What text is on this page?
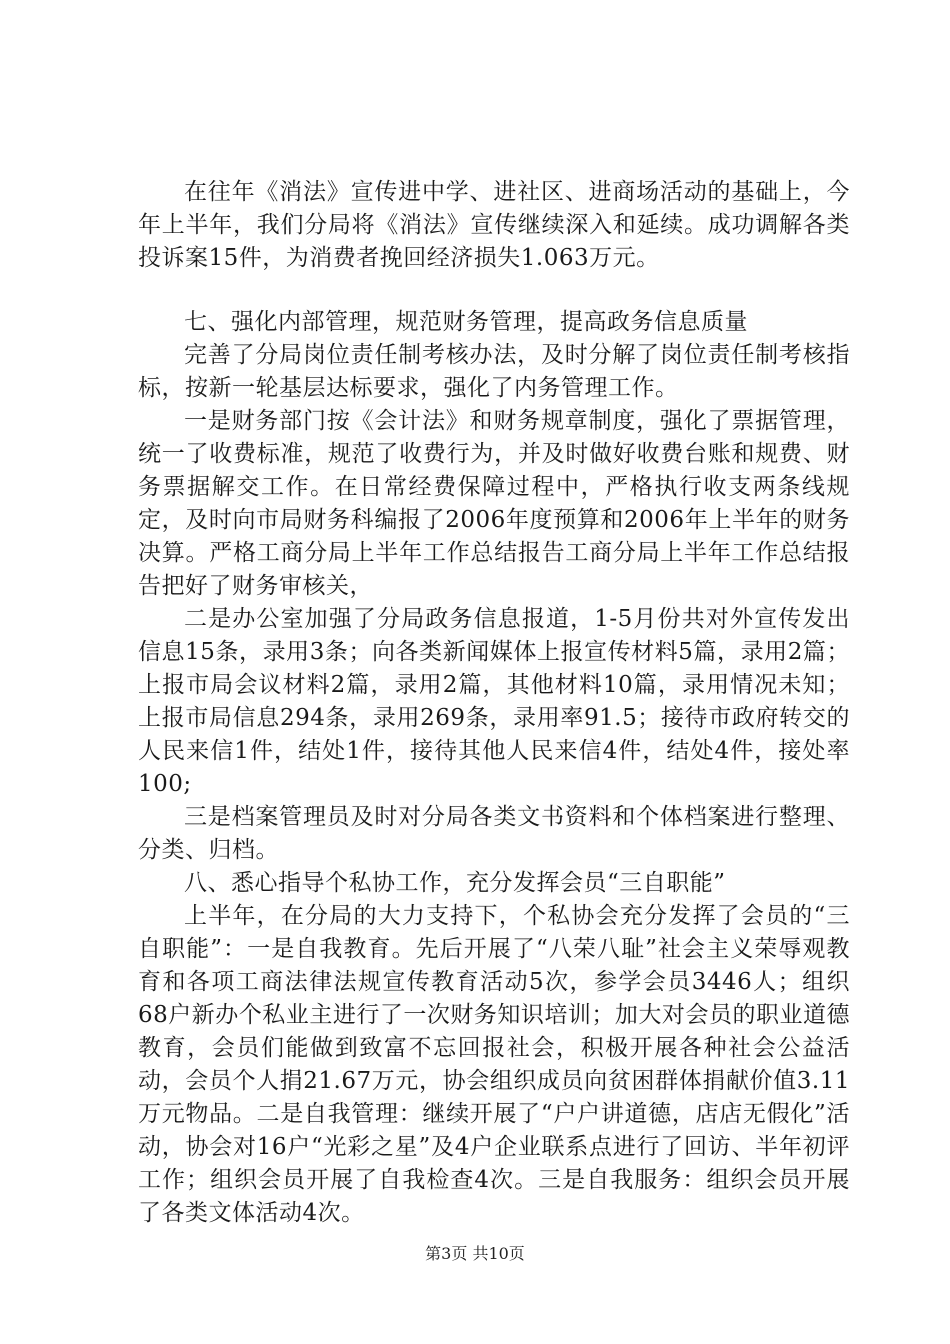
在往年《消法》宣传进中学、进社区、进商场活动的基础上，今年上半年，我们分局将《消法》宣传继续深入和延续。成功调解各类投诉案15件，为消费者挽回经济损失1.063万元。

七、强化内部管理，规范财务管理，提高政务信息质量

完善了分局岗位责任制考核办法，及时分解了岗位责任制考核指标，按新一轮基层达标要求，强化了内务管理工作。

一是财务部门按《会计法》和财务规章制度，强化了票据管理，统一了收费标准，规范了收费行为，并及时做好收费台账和规费、财务票据解交工作。在日常经费保障过程中，严格执行收支两条线规定，及时向市局财务科编报了2006年度预算和2006年上半年的财务决算。严格工商分局上半年工作总结报告工商分局上半年工作总结报告把好了财务审核关，

二是办公室加强了分局政务信息报道，1-5月份共对外宣传发出信息15条，录用3条；向各类新闻媒体上报宣传材料5篇，录用2篇；上报市局会议材料2篇，录用2篇，其他材料10篇，录用情况未知；上报市局信息294条，录用269条，录用率91.5；接待市政府转交的人民来信1件，结处1件，接待其他人民来信4件，结处4件，接处率100;

三是档案管理员及时对分局各类文书资料和个体档案进行整理、分类、归档。

八、悉心指导个私协工作，充分发挥会员“三自职能”

上半年，在分局的大力支持下，个私协会充分发挥了会员的“三自职能”：一是自我教育。先后开展了“八荣八耻”社会主义荣辱观教育和各项工商法律法规宣传教育活动5次，参学会员3446人；组织68户新办个私业主进行了一次财务知识培训；加大对会员的职业道德教育，会员们能做到致富不忘回报社会，积极开展各种社会公益活动，会员个人捐21.67万元，协会组织成员向贫困群体捐献价值3.11万元物品。二是自我管理：继续开展了“户户讲道德，店店无假化”活动，协会对16户“光彩之星”及4户企业联系点进行了回访、半年初评工作；组织会员开展了自我检查4次。三是自我服务：组织会员开展了各类文体活动4次。

第3页 共10页
